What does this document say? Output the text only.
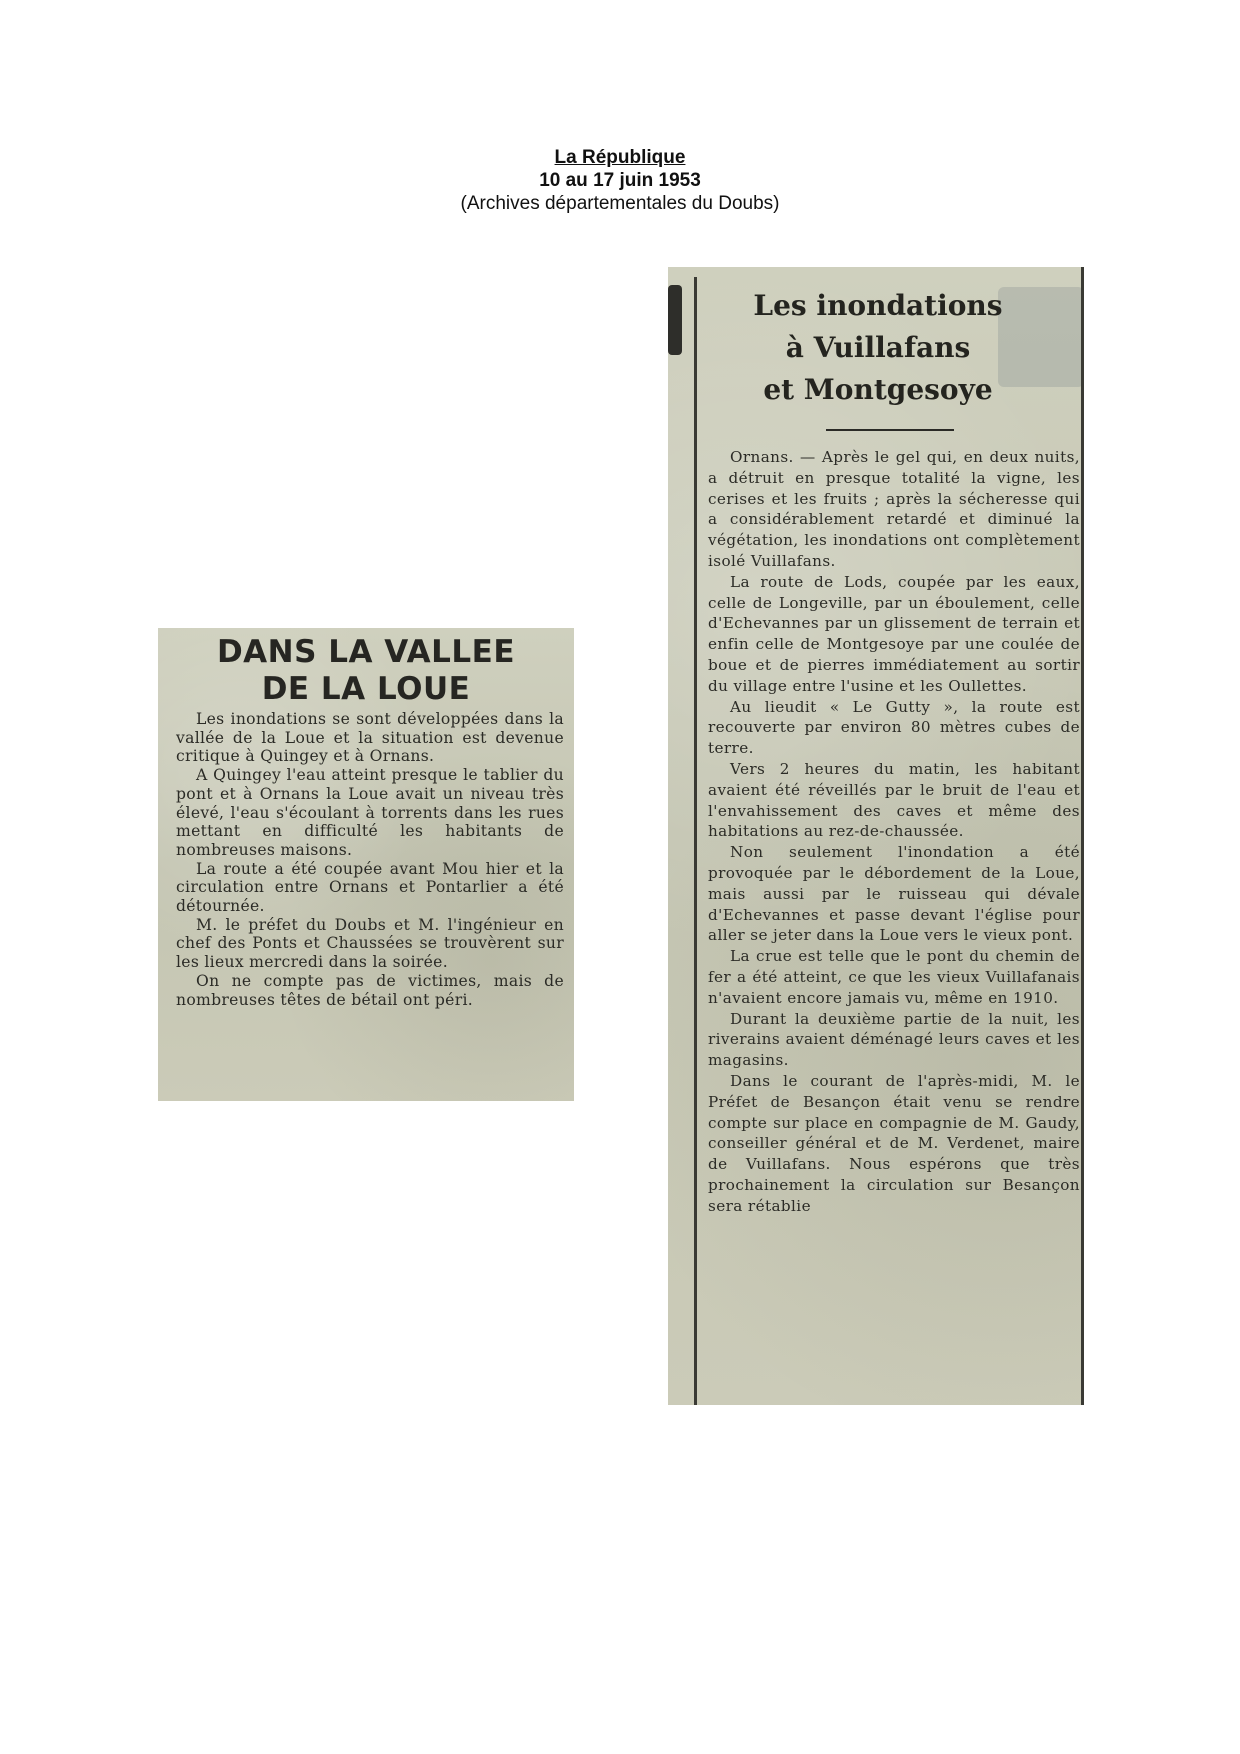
La République
10 au 17 juin 1953
(Archives départementales du Doubs)
DANS LA VALLEE DE LA LOUE

Les inondations se sont développées dans la vallée de la Loue et la situation est devenue critique à Quingey et à Ornans.

A Quingey l'eau atteint presque le tablier du pont et à Ornans la Loue avait un niveau très élevé, l'eau s'écoulant à torrents dans les rues mettant en difficulté les habitants de nombreuses maisons.

La route a été coupée avant Mou hier et la circulation entre Ornans et Pontarlier a été détournée.

M. le préfet du Doubs et M. l'ingénieur en chef des Ponts et Chaussées se trouvèrent sur les lieux mercredi dans la soirée.

On ne compte pas de victimes, mais de nombreuses têtes de bétail ont péri.

Les inondations
à Vuillafans
et Montgesoye

Ornans. — Après le gel qui, en deux nuits, a détruit en presque totalité la vigne, les cerises et les fruits ; après la sécheresse qui a considérablement retardé et diminué la végétation, les inondations ont complètement isolé Vuillafans.

La route de Lods, coupée par les eaux, celle de Longeville, par un éboulement, celle d'Echevannes par un glissement de terrain et enfin celle de Montgesoye par une coulée de boue et de pierres immédiatement au sortir du village entre l'usine et les Oullettes.

Au lieudit « Le Gutty », la route est recouverte par environ 80 mètres cubes de terre.

Vers 2 heures du matin, les habitant avaient été réveillés par le bruit de l'eau et l'envahissement des caves et même des habitations au rez-de-chaussée.

Non seulement l'inondation a été provoquée par le débordement de la Loue, mais aussi par le ruisseau qui dévale d'Echevannes et passe devant l'église pour aller se jeter dans la Loue vers le vieux pont.

La crue est telle que le pont du chemin de fer a été atteint, ce que les vieux Vuillafanais n'avaient encore jamais vu, même en 1910.

Durant la deuxième partie de la nuit, les riverains avaient déménagé leurs caves et les magasins.

Dans le courant de l'après-midi, M. le Préfet de Besançon était venu se rendre compte sur place en compagnie de M. Gaudy, conseiller général et de M. Verdenet, maire de Vuillafans. Nous espérons que très prochainement la circulation sur Besançon sera rétablie
